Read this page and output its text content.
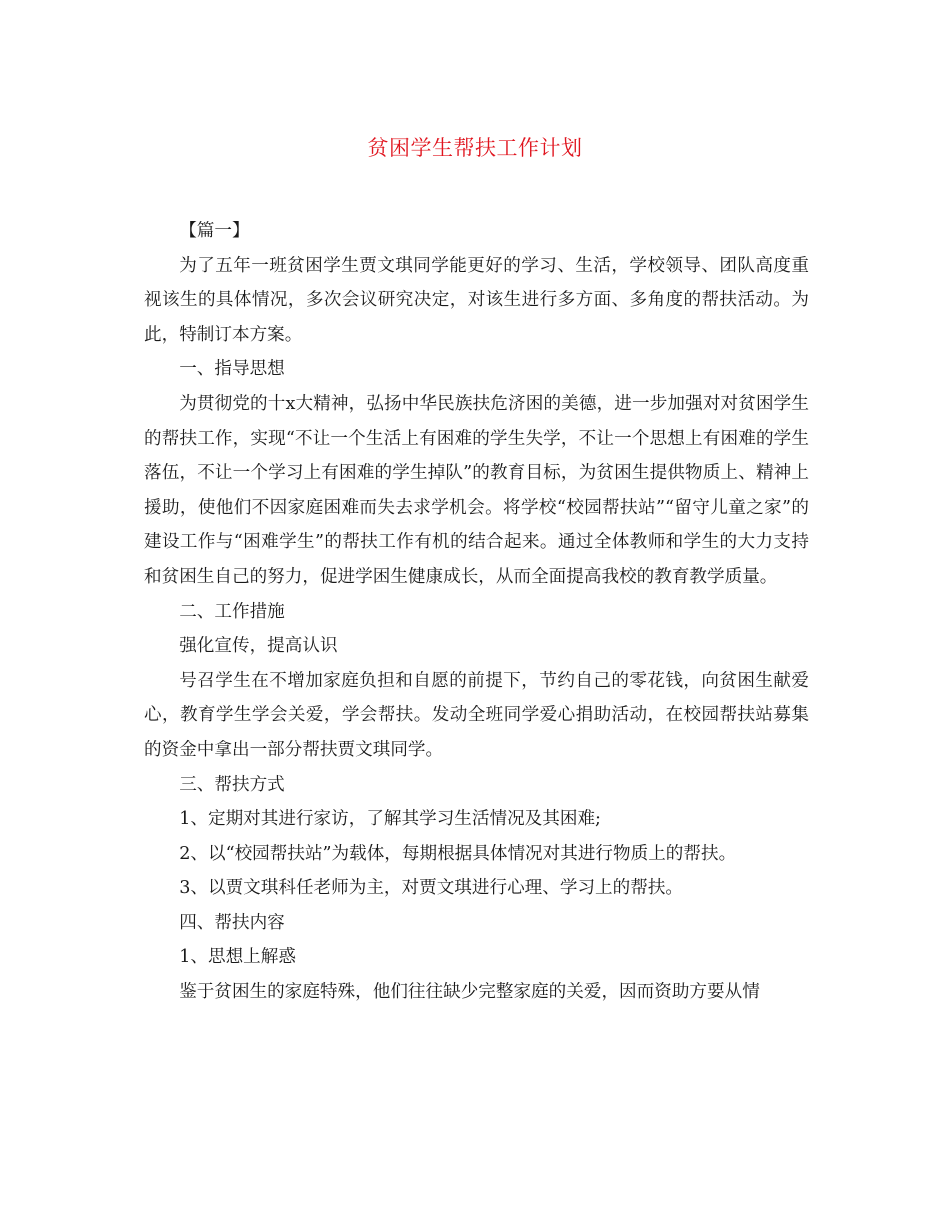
贫困学生帮扶工作计划

【篇一】

为了五年一班贫困学生贾文琪同学能更好的学习、生活，学校领导、团队高度重视该生的具体情况，多次会议研究决定，对该生进行多方面、多角度的帮扶活动。为此，特制订本方案。

一、指导思想

为贯彻党的十x大精神，弘扬中华民族扶危济困的美德，进一步加强对对贫困学生的帮扶工作，实现“不让一个生活上有困难的学生失学，不让一个思想上有困难的学生落伍，不让一个学习上有困难的学生掉队”的教育目标，为贫困生提供物质上、精神上援助，使他们不因家庭困难而失去求学机会。将学校“校园帮扶站”“留守儿童之家”的建设工作与“困难学生”的帮扶工作有机的结合起来。通过全体教师和学生的大力支持和贫困生自己的努力，促进学困生健康成长，从而全面提高我校的教育教学质量。

二、工作措施

强化宣传，提高认识

号召学生在不增加家庭负担和自愿的前提下，节约自己的零花钱，向贫困生献爱心，教育学生学会关爱，学会帮扶。发动全班同学爱心捐助活动，在校园帮扶站募集的资金中拿出一部分帮扶贾文琪同学。

三、帮扶方式

1、定期对其进行家访，了解其学习生活情况及其困难;

2、以“校园帮扶站”为载体，每期根据具体情况对其进行物质上的帮扶。

3、以贾文琪科任老师为主，对贾文琪进行心理、学习上的帮扶。

四、帮扶内容

1、思想上解惑

鉴于贫困生的家庭特殊，他们往往缺少完整家庭的关爱，因而资助方要从情
